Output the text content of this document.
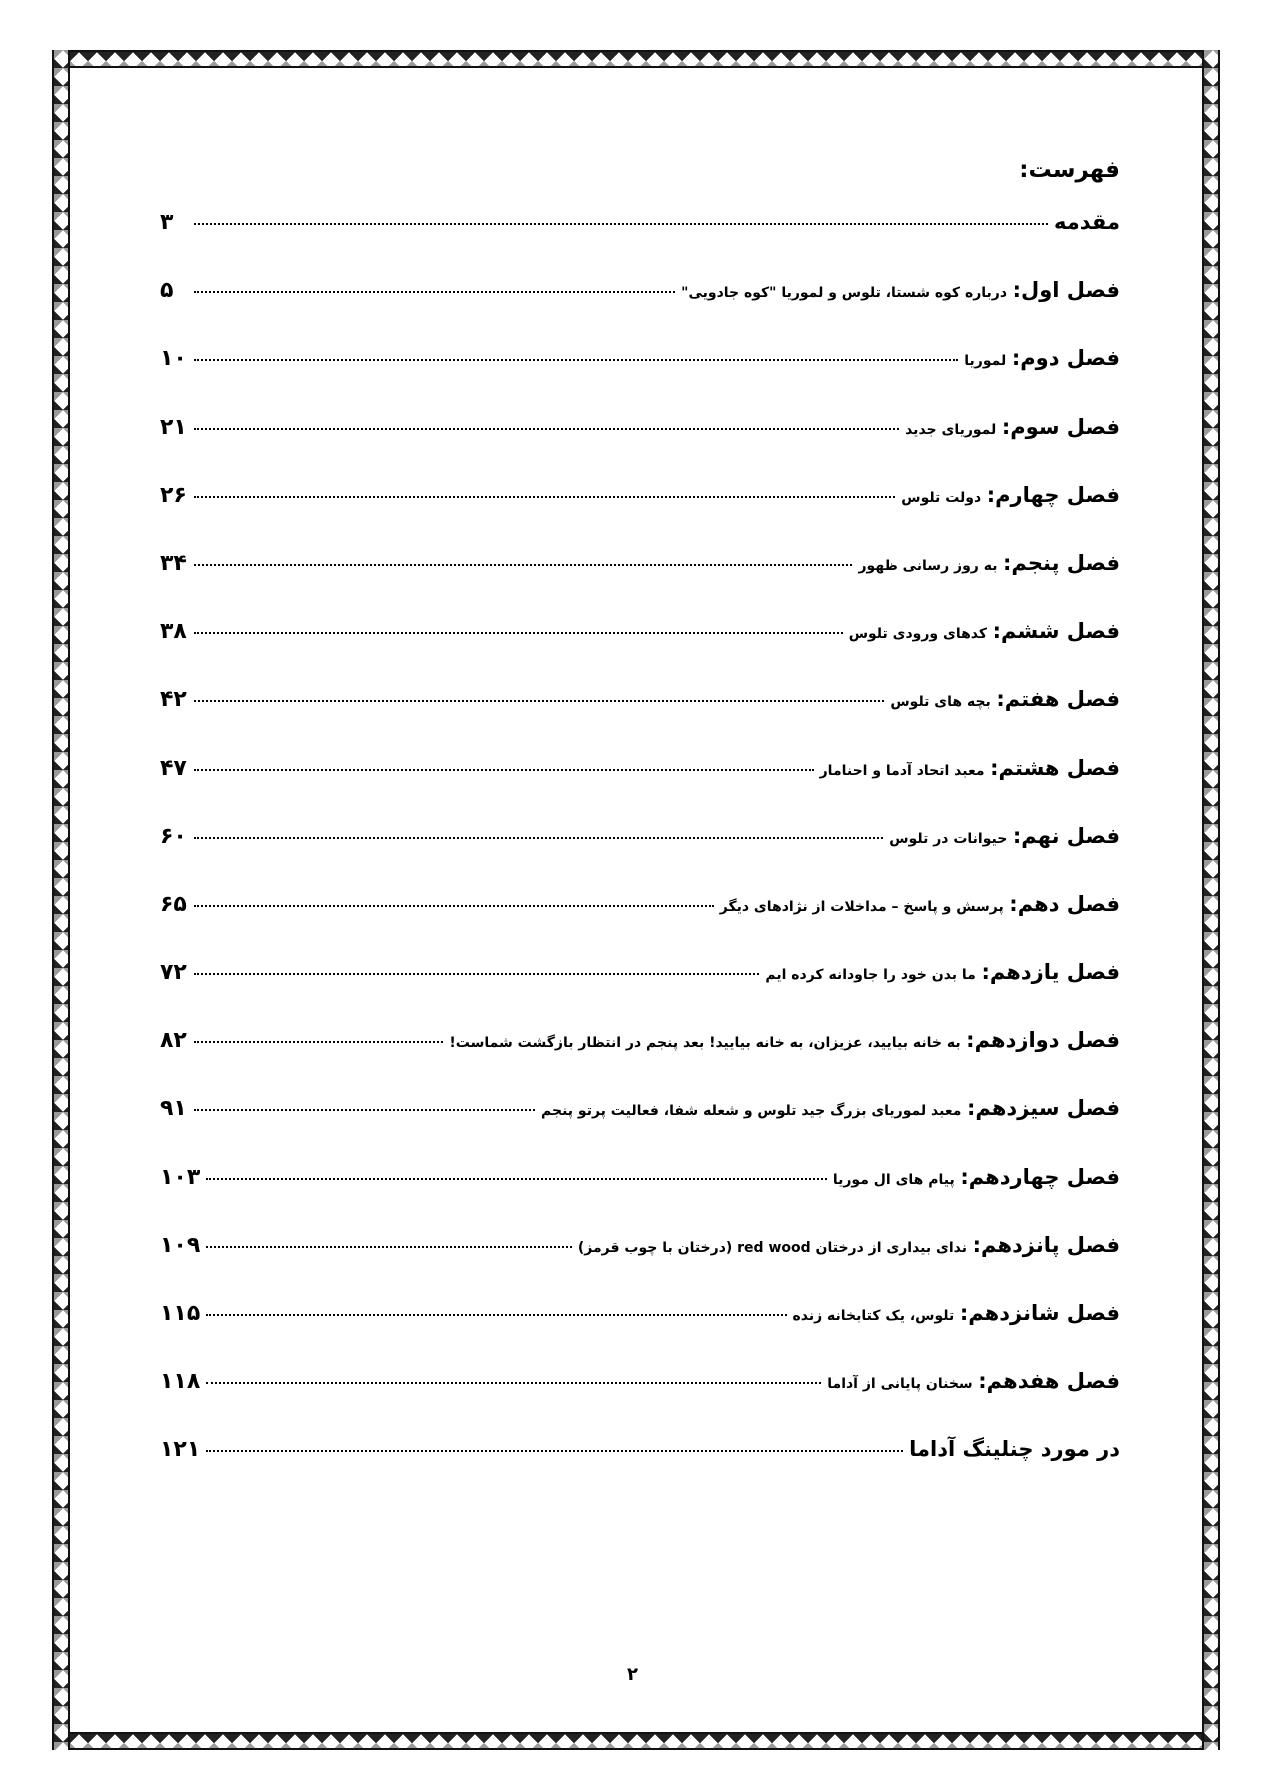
فهرست:
مقدمه
۳
فصل اول: درباره کوه شستا، تلوس و لموریا "کوه جادویی"
۵
فصل دوم: لموریا
۱۰
فصل سوم: لموریای جدید
۲۱
فصل چهارم: دولت تلوس
۲۶
فصل پنجم: به روز رسانی ظهور
۳۴
فصل ششم: کدهای ورودی تلوس
۳۸
فصل هفتم: بچه های تلوس
۴۲
فصل هشتم: معبد اتحاد آدما و احنامار
۴۷
فصل نهم: حیوانات در تلوس
۶۰
فصل دهم: پرسش و پاسخ – مداخلات از نژادهای دیگر
۶۵
فصل یازدهم: ما بدن خود را جاودانه کرده ایم
۷۲
فصل دوازدهم: به خانه بیایید، عزیزان، به خانه بیایید! بعد پنجم در انتظار بازگشت شماست!
۸۲
فصل سیزدهم: معبد لموریای بزرگ جید تلوس و شعله شفا، فعالیت پرتو پنجم
۹۱
فصل چهاردهم: پیام های ال موریا
۱۰۳
فصل پانزدهم: ندای بیداری از درختان red wood (درختان با چوب قرمز)
۱۰۹
فصل شانزدهم: تلوس، یک کتابخانه زنده
۱۱۵
فصل هفدهم: سخنان پایانی از آداما
۱۱۸
در مورد چنلینگ آداما
۱۲۱
۲
